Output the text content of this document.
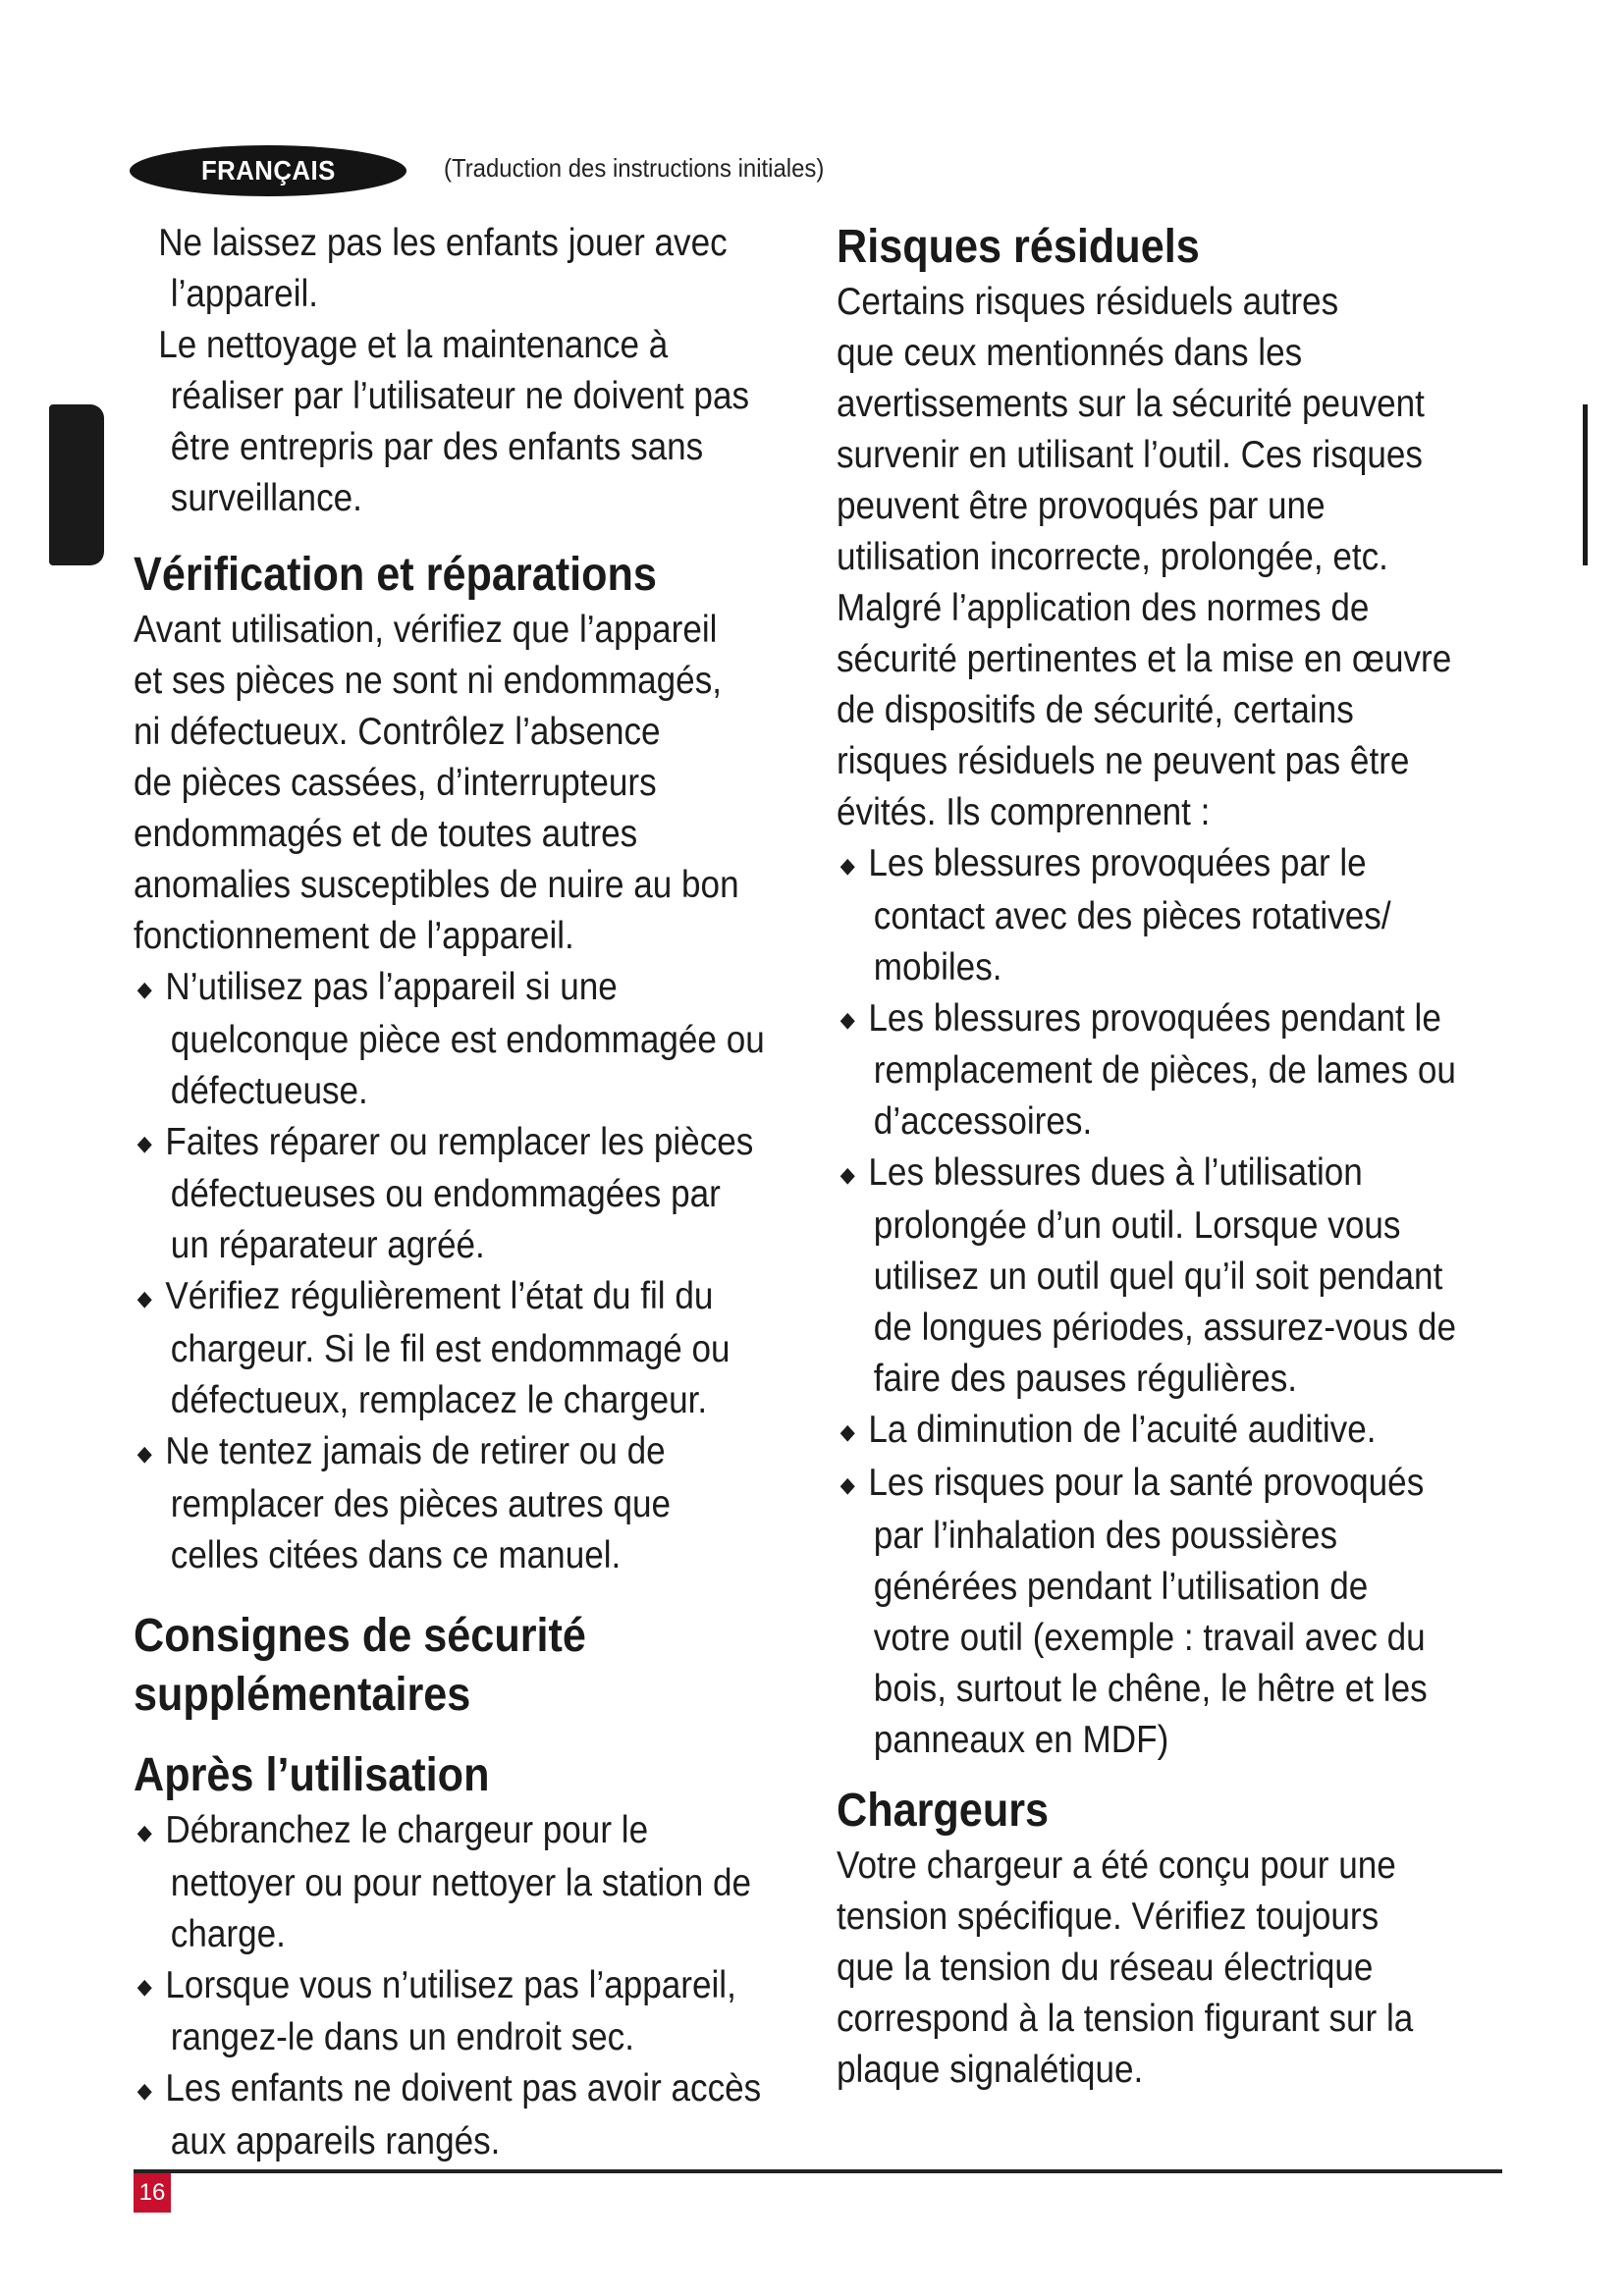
FRANÇAIS	(Traduction des instructions initiales)
Ne laissez pas les enfants jouer avec
l’appareil.
Le nettoyage et la maintenance à
réaliser par l’utilisateur ne doivent pas
être entrepris par des enfants sans
surveillance.
Vérification et réparations
Avant utilisation, vérifiez que l’appareil
et ses pièces ne sont ni endommagés,
ni défectueux. Contrôlez l’absence
de pièces cassées, d’interrupteurs
endommagés et de toutes autres
anomalies susceptibles de nuire au bon
fonctionnement de l’appareil.
◆ N’utilisez pas l’appareil si une
quelconque pièce est endommagée ou
défectueuse.
◆ Faites réparer ou remplacer les pièces
défectueuses ou endommagées par
un réparateur agréé.
◆ Vérifiez régulièrement l’état du fil du
chargeur. Si le fil est endommagé ou
défectueux, remplacez le chargeur.
◆ Ne tentez jamais de retirer ou de
remplacer des pièces autres que
celles citées dans ce manuel.
Consignes de sécurité
supplémentaires
Après l’utilisation
◆ Débranchez le chargeur pour le
nettoyer ou pour nettoyer la station de
charge.
◆ Lorsque vous n’utilisez pas l’appareil,
rangez-le dans un endroit sec.
◆ Les enfants ne doivent pas avoir accès
aux appareils rangés.
Risques résiduels
Certains risques résiduels autres
que ceux mentionnés dans les
avertissements sur la sécurité peuvent
survenir en utilisant l’outil. Ces risques
peuvent être provoqués par une
utilisation incorrecte, prolongée, etc.
Malgré l’application des normes de
sécurité pertinentes et la mise en œuvre
de dispositifs de sécurité, certains
risques résiduels ne peuvent pas être
évités. Ils comprennent :
◆ Les blessures provoquées par le
contact avec des pièces rotatives/
mobiles.
◆ Les blessures provoquées pendant le
remplacement de pièces, de lames ou
d’accessoires.
◆ Les blessures dues à l’utilisation
prolongée d’un outil. Lorsque vous
utilisez un outil quel qu’il soit pendant
de longues périodes, assurez-vous de
faire des pauses régulières.
◆ La diminution de l’acuité auditive.
◆ Les risques pour la santé provoqués
par l’inhalation des poussières
générées pendant l’utilisation de
votre outil (exemple : travail avec du
bois, surtout le chêne, le hêtre et les
panneaux en MDF)
Chargeurs
Votre chargeur a été conçu pour une
tension spécifique. Vérifiez toujours
que la tension du réseau électrique
correspond à la tension figurant sur la
plaque signalétique.
16
